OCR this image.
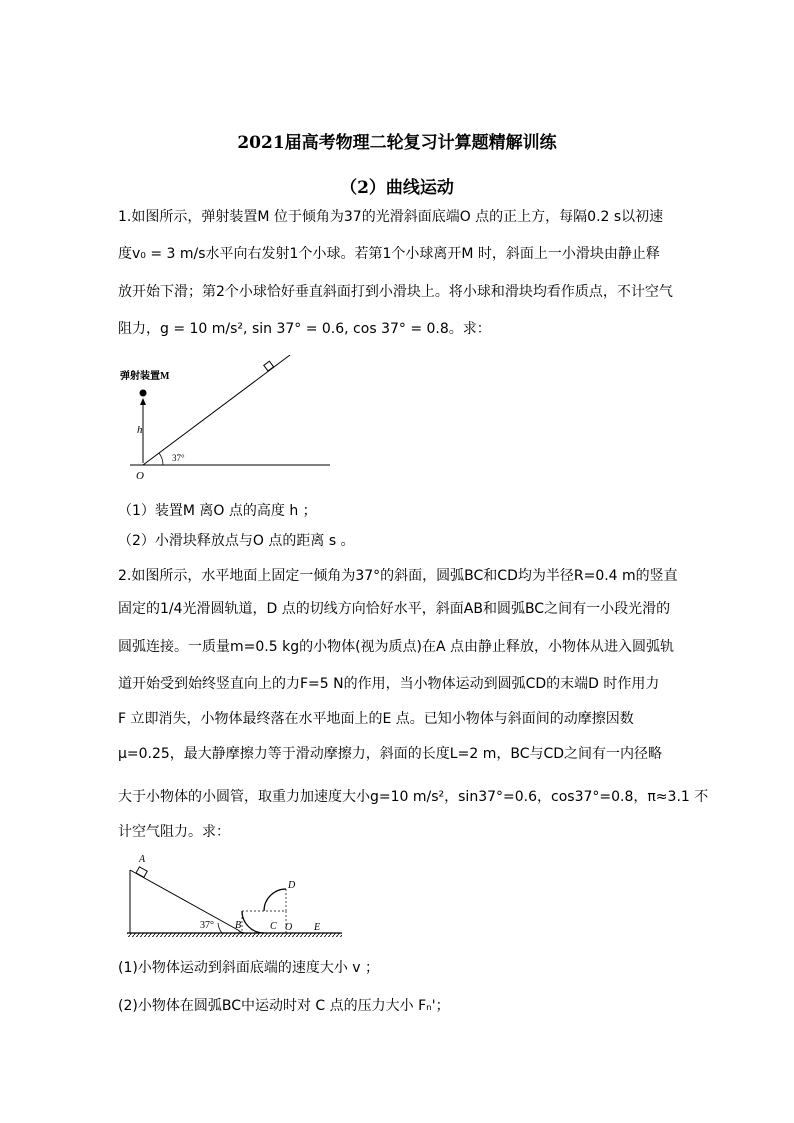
2021届高考物理二轮复习计算题精解训练
（2）曲线运动
1.如图所示，弹射装置M 位于倾角为37的光滑斜面底端O 点的正上方，每隔0.2 s以初速
度v₀ = 3 m/s水平向右发射1个小球。若第1个小球离开M 时，斜面上一小滑块由静止释
放开始下滑；第2个小球恰好垂直斜面打到小滑块上。将小球和滑块均看作质点，不计空气
阻力，g = 10 m/s², sin 37° = 0.6, cos 37° = 0.8。求：
弹射装置M
h
37°
O
（1）装置M 离O 点的高度 h ；
（2）小滑块释放点与O 点的距离 s 。
2.如图所示，水平地面上固定一倾角为37°的斜面，圆弧BC和CD均为半径R=0.4 m的竖直
固定的1/4光滑圆轨道，D 点的切线方向恰好水平，斜面AB和圆弧BC之间有一小段光滑的
圆弧连接。一质量m=0.5 kg的小物体(视为质点)在A 点由静止释放，小物体从进入圆弧轨
道开始受到始终竖直向上的力F=5 N的作用，当小物体运动到圆弧CD的末端D 时作用力
F 立即消失，小物体最终落在水平地面上的E 点。已知小物体与斜面间的动摩擦因数
μ=0.25，最大静摩擦力等于滑动摩擦力，斜面的长度L=2 m，BC与CD之间有一内径略
大于小物体的小圆管，取重力加速度大小g=10 m/s²，sin37°=0.6，cos37°=0.8，π≈3.1 不
计空气阻力。求：
A
37° B	C
D
O E
(1)小物体运动到斜面底端的速度大小 v ；
(2)小物体在圆弧BC中运动时对 C 点的压力大小 Fₙ'；
